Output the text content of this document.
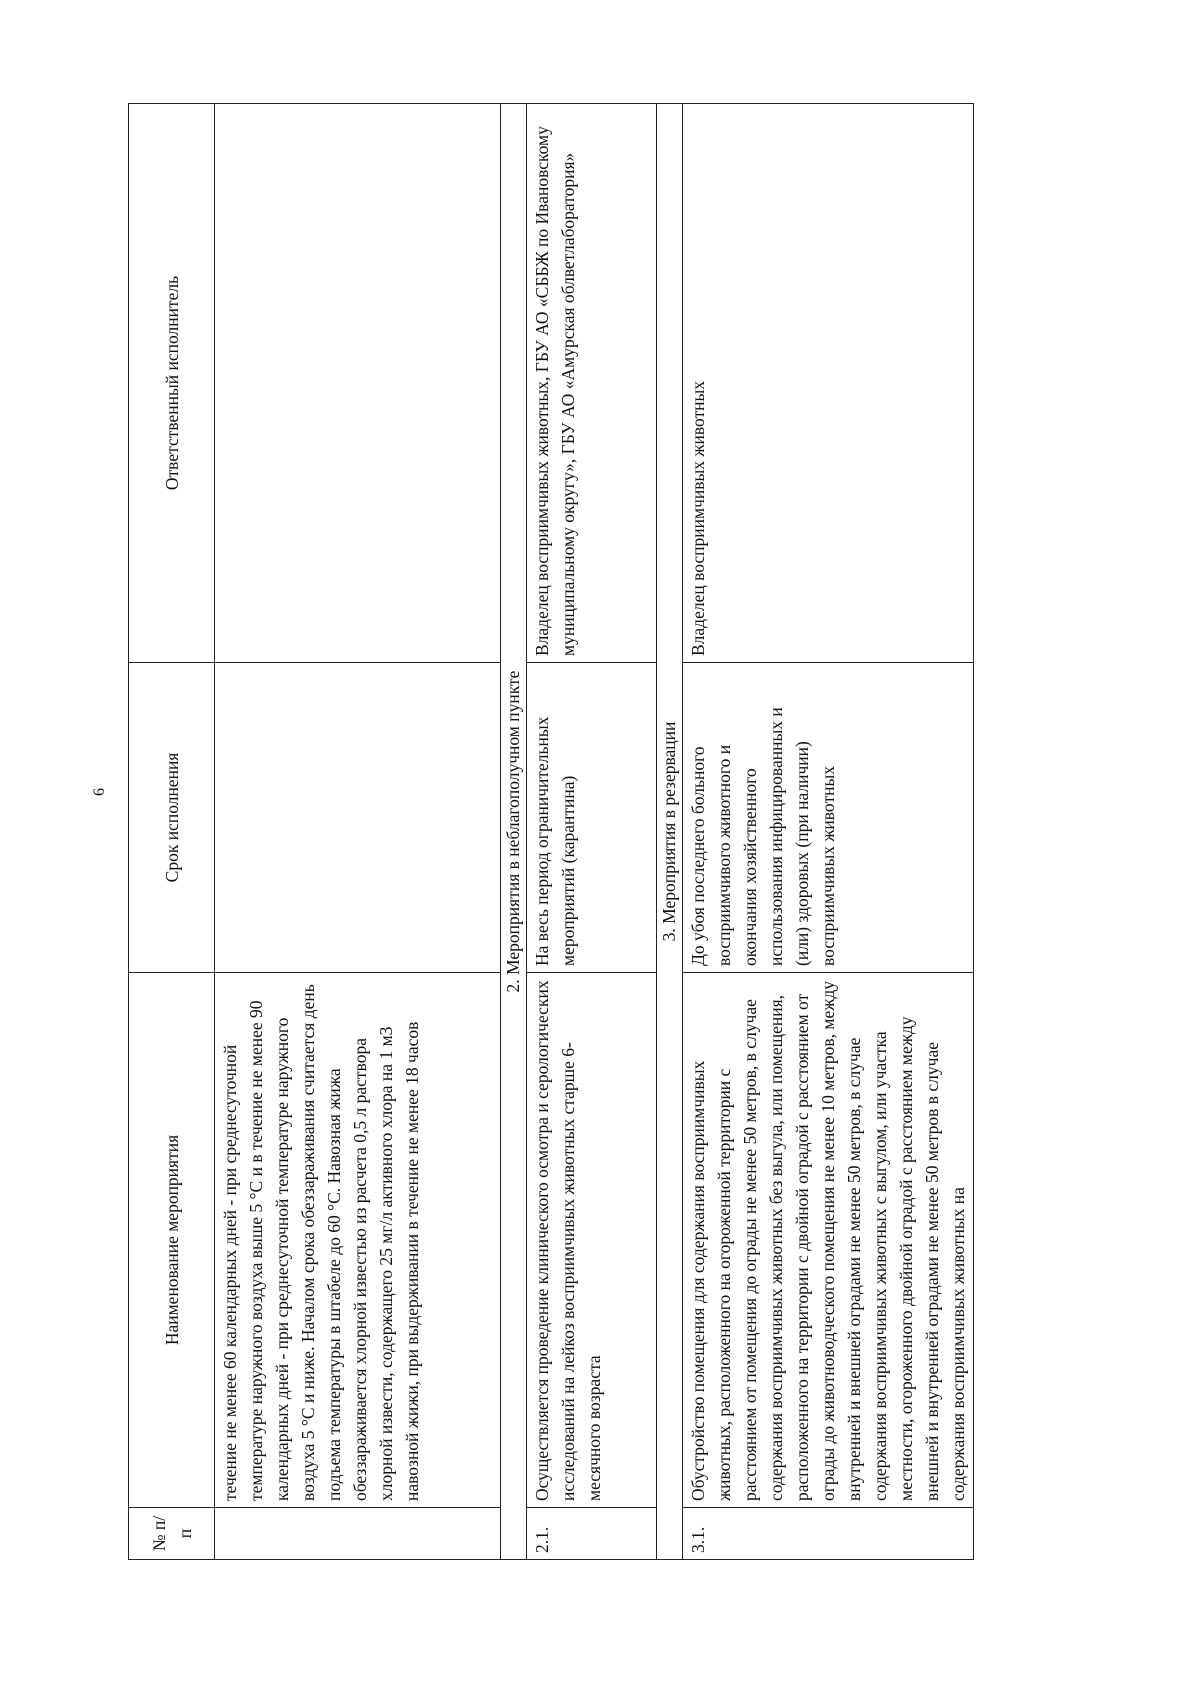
6
№ п/п	Наименование мероприятия	Срок исполнения	Ответственный исполнитель
	течение не менее 60 календарных дней - при среднесуточной температуре наружного воздуха выше 5 °С и в течение не менее 90 календарных дней - при среднесуточной температуре наружного воздуха 5 °С и ниже. Началом срока обеззараживания считается день подъема температуры в штабеле до 60 °С. Навозная жижа обеззараживается хлорной известью из расчета 0,5 л раствора хлорной извести, содержащего 25 мг/л активного хлора на 1 м3 навозной жижи, при выдерживании в течение не менее 18 часов		
2. Мероприятия в неблагополучном пункте			
2.1.	Осуществляется проведение клинического осмотра и серологических исследований на лейкоз восприимчивых животных старше 6-месячного возраста	На весь период ограничительных мероприятий (карантина)	Владелец восприимчивых животных, ГБУ АО «СББЖ по Ивановскому муниципальному округу», ГБУ АО «Амурская облветлаборатория»
3. Мероприятия в резервации			
3.1.	Обустройство помещения для содержания восприимчивых животных, расположенного на огороженной территории с расстоянием от помещения до ограды не менее 50 метров, в случае содержания восприимчивых животных без выгула, или помещения, расположенного на территории с двойной оградой с расстоянием от ограды до животноводческого помещения не менее 10 метров, между внутренней и внешней оградами не менее 50 метров, в случае содержания восприимчивых животных с выгулом, или участка местности, огороженного двойной оградой с расстоянием между внешней и внутренней оградами не менее 50 метров в случае содержания восприимчивых животных на	До убоя последнего больного восприимчивого животного и окончания хозяйственного использования инфицированных и (или) здоровых (при наличии) восприимчивых животных	Владелец восприимчивых животных
